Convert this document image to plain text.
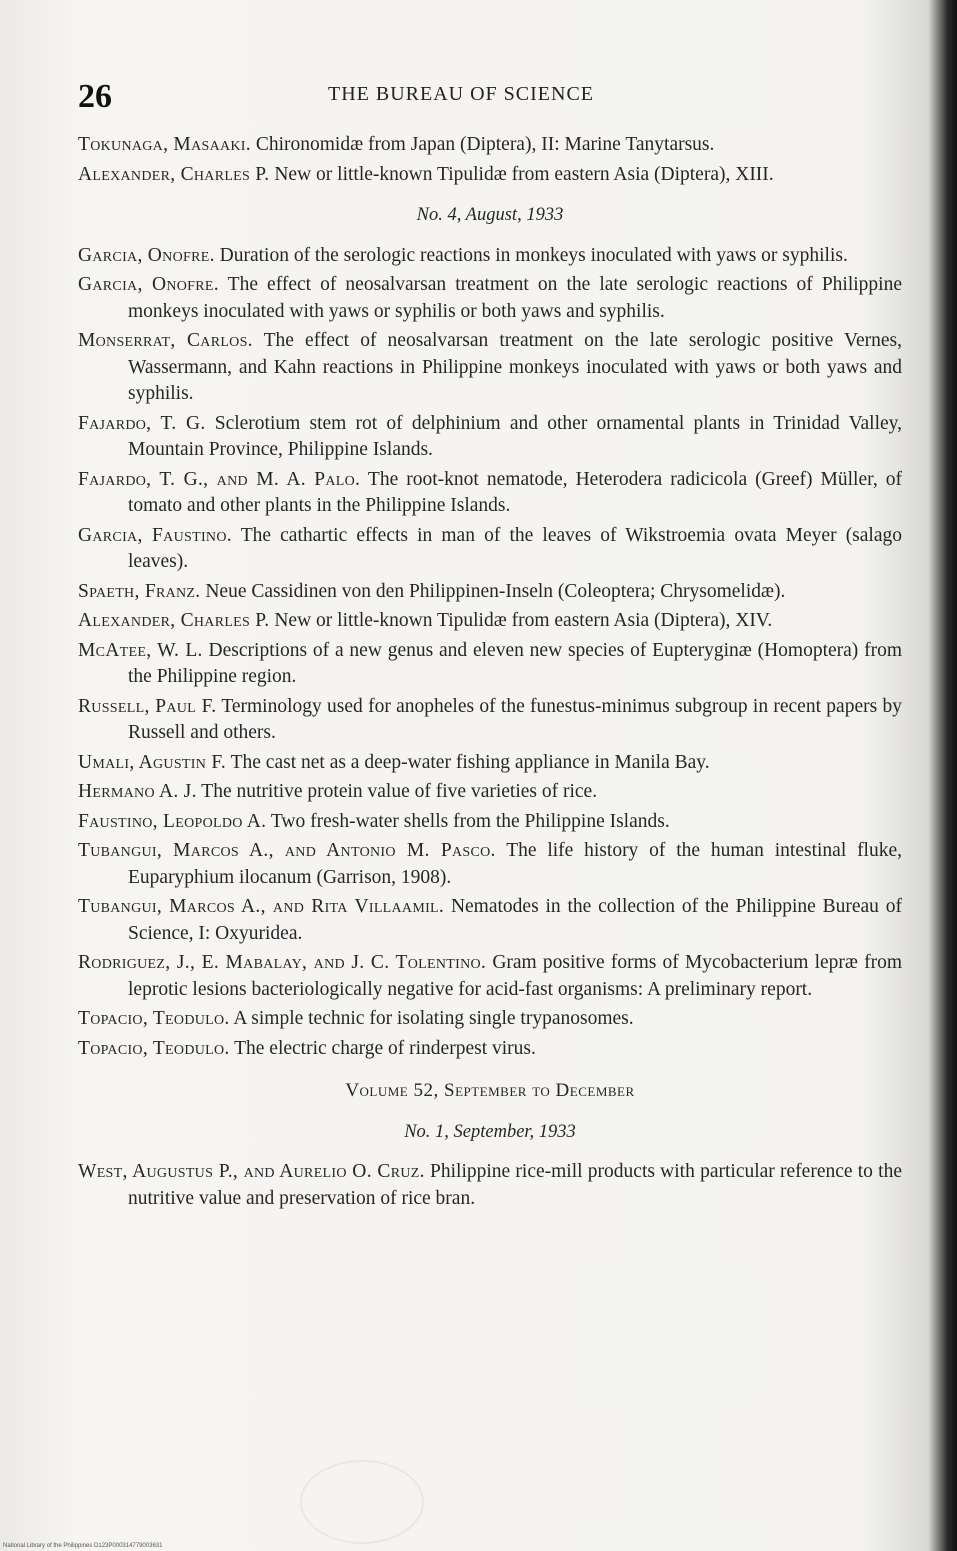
26	THE BUREAU OF SCIENCE

Tokunaga, Masaaki. Chironomidæ from Japan (Diptera), II: Marine Tanytarsus.

Alexander, Charles P. New or little-known Tipulidæ from eastern Asia (Diptera), XIII.

No. 4, August, 1933

Garcia, Onofre. Duration of the serologic reactions in monkeys inoculated with yaws or syphilis.

Garcia, Onofre. The effect of neosalvarsan treatment on the late serologic reactions of Philippine monkeys inoculated with yaws or syphilis or both yaws and syphilis.

Monserrat, Carlos. The effect of neosalvarsan treatment on the late serologic positive Vernes, Wassermann, and Kahn reactions in Philippine monkeys inoculated with yaws or both yaws and syphilis.

Fajardo, T. G. Sclerotium stem rot of delphinium and other ornamental plants in Trinidad Valley, Mountain Province, Philippine Islands.

Fajardo, T. G., and M. A. Palo. The root-knot nematode, Heterodera radicicola (Greef) Müller, of tomato and other plants in the Philippine Islands.

Garcia, Faustino. The cathartic effects in man of the leaves of Wikstroemia ovata Meyer (salago leaves).

Spaeth, Franz. Neue Cassidinen von den Philippinen-Inseln (Coleoptera; Chrysomelidæ).

Alexander, Charles P. New or little-known Tipulidæ from eastern Asia (Diptera), XIV.

McAtee, W. L. Descriptions of a new genus and eleven new species of Eupteryginæ (Homoptera) from the Philippine region.

Russell, Paul F. Terminology used for anopheles of the funestus-minimus subgroup in recent papers by Russell and others.

Umali, Agustin F. The cast net as a deep-water fishing appliance in Manila Bay.

Hermano A. J. The nutritive protein value of five varieties of rice.

Faustino, Leopoldo A. Two fresh-water shells from the Philippine Islands.

Tubangui, Marcos A., and Antonio M. Pasco. The life history of the human intestinal fluke, Euparyphium ilocanum (Garrison, 1908).

Tubangui, Marcos A., and Rita Villaamil. Nematodes in the collection of the Philippine Bureau of Science, I: Oxyuridea.

Rodriguez, J., E. Mabalay, and J. C. Tolentino. Gram positive forms of Mycobacterium lepræ from leprotic lesions bacteriologically negative for acid-fast organisms: A preliminary report.

Topacio, Teodulo. A simple technic for isolating single trypanosomes.

Topacio, Teodulo. The electric charge of rinderpest virus.

Volume 52, September to December
No. 1, September, 1933

West, Augustus P., and Aurelio O. Cruz. Philippine rice-mill products with particular reference to the nutritive value and preservation of rice bran.

National Library of the Philippines D123P000314779003631
